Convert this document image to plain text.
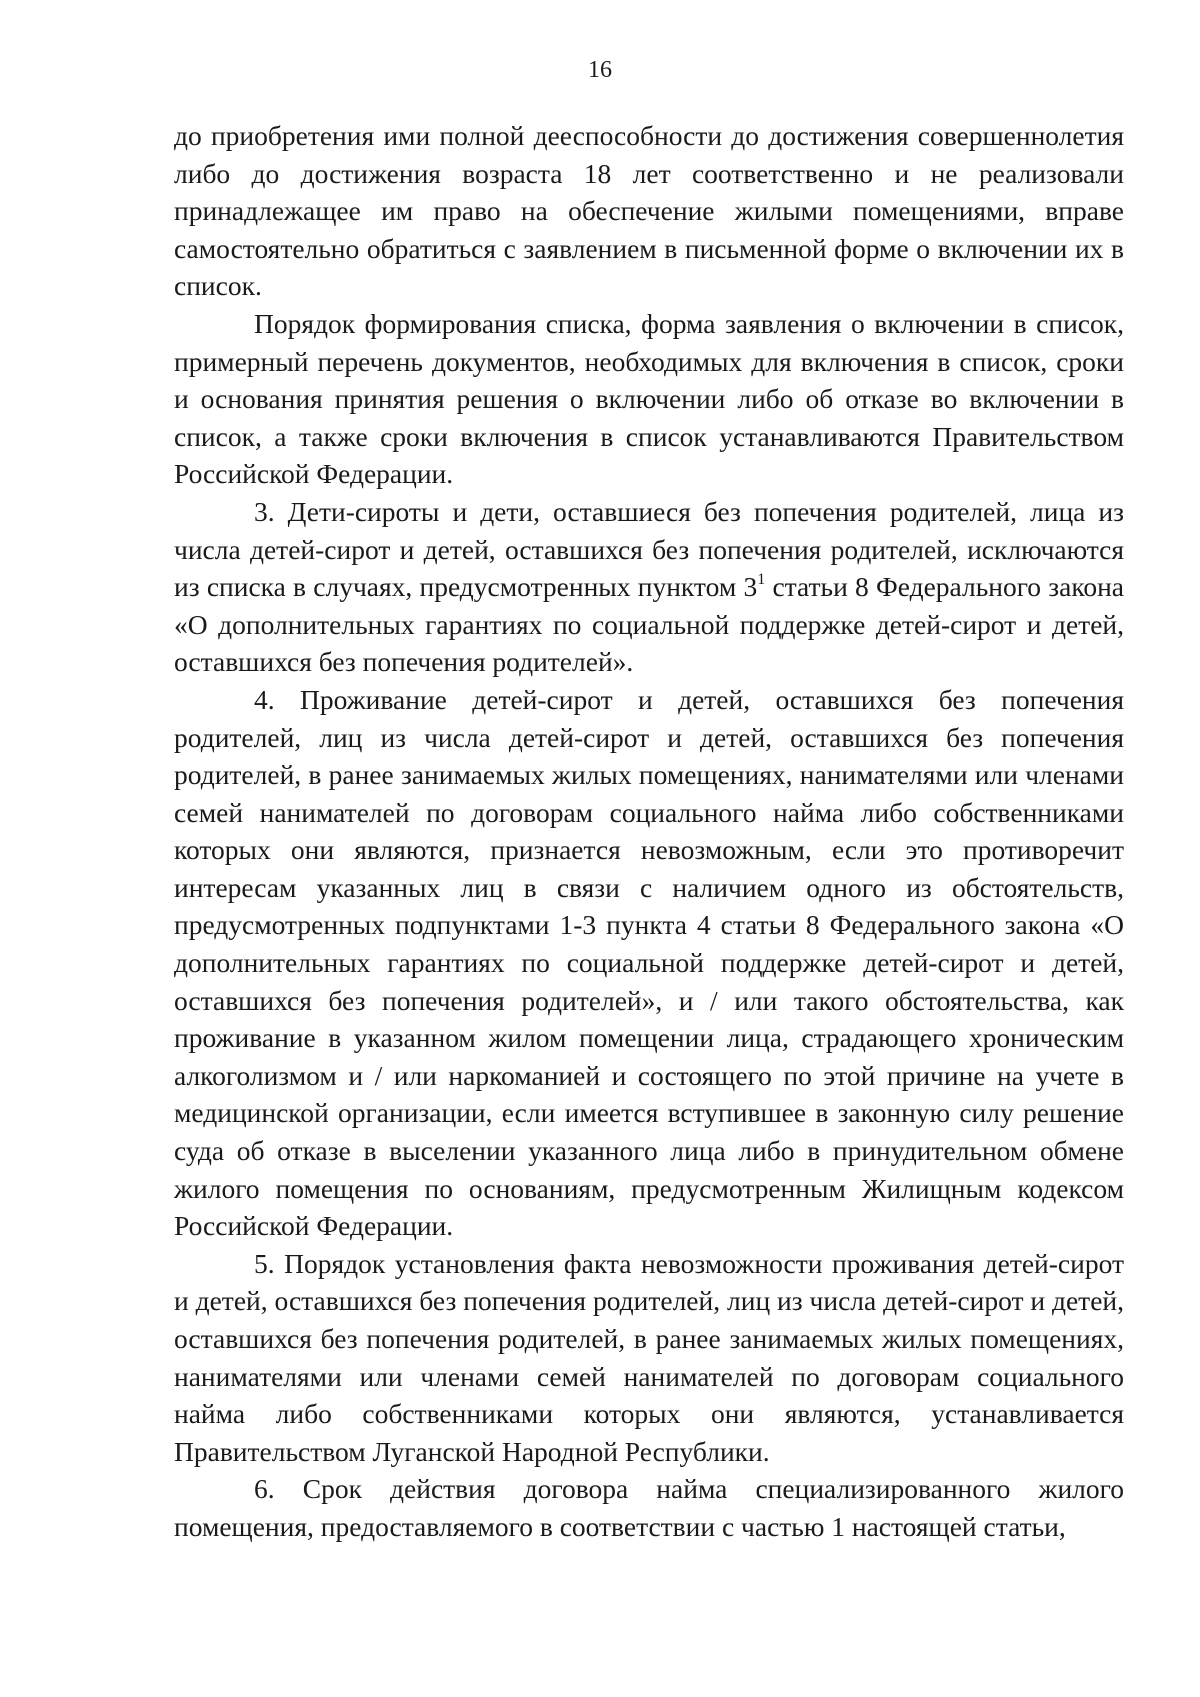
16

до приобретения ими полной дееспособности до достижения совершеннолетия либо до достижения возраста 18 лет соответственно и не реализовали принадлежащее им право на обеспечение жилыми помещениями, вправе самостоятельно обратиться с заявлением в письменной форме о включении их в список.

Порядок формирования списка, форма заявления о включении в список, примерный перечень документов, необходимых для включения в список, сроки и основания принятия решения о включении либо об отказе во включении в список, а также сроки включения в список устанавливаются Правительством Российской Федерации.

3. Дети-сироты и дети, оставшиеся без попечения родителей, лица из числа детей-сирот и детей, оставшихся без попечения родителей, исключаются из списка в случаях, предусмотренных пунктом $3^1$ статьи 8 Федерального закона «О дополнительных гарантиях по социальной поддержке детей-сирот и детей, оставшихся без попечения родителей».

4. Проживание детей-сирот и детей, оставшихся без попечения родителей, лиц из числа детей-сирот и детей, оставшихся без попечения родителей, в ранее занимаемых жилых помещениях, нанимателями или членами семей нанимателей по договорам социального найма либо собственниками которых они являются, признается невозможным, если это противоречит интересам указанных лиц в связи с наличием одного из обстоятельств, предусмотренных подпунктами 1-3 пункта 4 статьи 8 Федерального закона «О дополнительных гарантиях по социальной поддержке детей-сирот и детей, оставшихся без попечения родителей», и / или такого обстоятельства, как проживание в указанном жилом помещении лица, страдающего хроническим алкоголизмом и / или наркоманией и состоящего по этой причине на учете в медицинской организации, если имеется вступившее в законную силу решение суда об отказе в выселении указанного лица либо в принудительном обмене жилого помещения по основаниям, предусмотренным Жилищным кодексом Российской Федерации.

5. Порядок установления факта невозможности проживания детей-сирот и детей, оставшихся без попечения родителей, лиц из числа детей-сирот и детей, оставшихся без попечения родителей, в ранее занимаемых жилых помещениях, нанимателями или членами семей нанимателей по договорам социального найма либо собственниками которых они являются, устанавливается Правительством Луганской Народной Республики.

6. Срок действия договора найма специализированного жилого помещения, предоставляемого в соответствии с частью 1 настоящей статьи,
